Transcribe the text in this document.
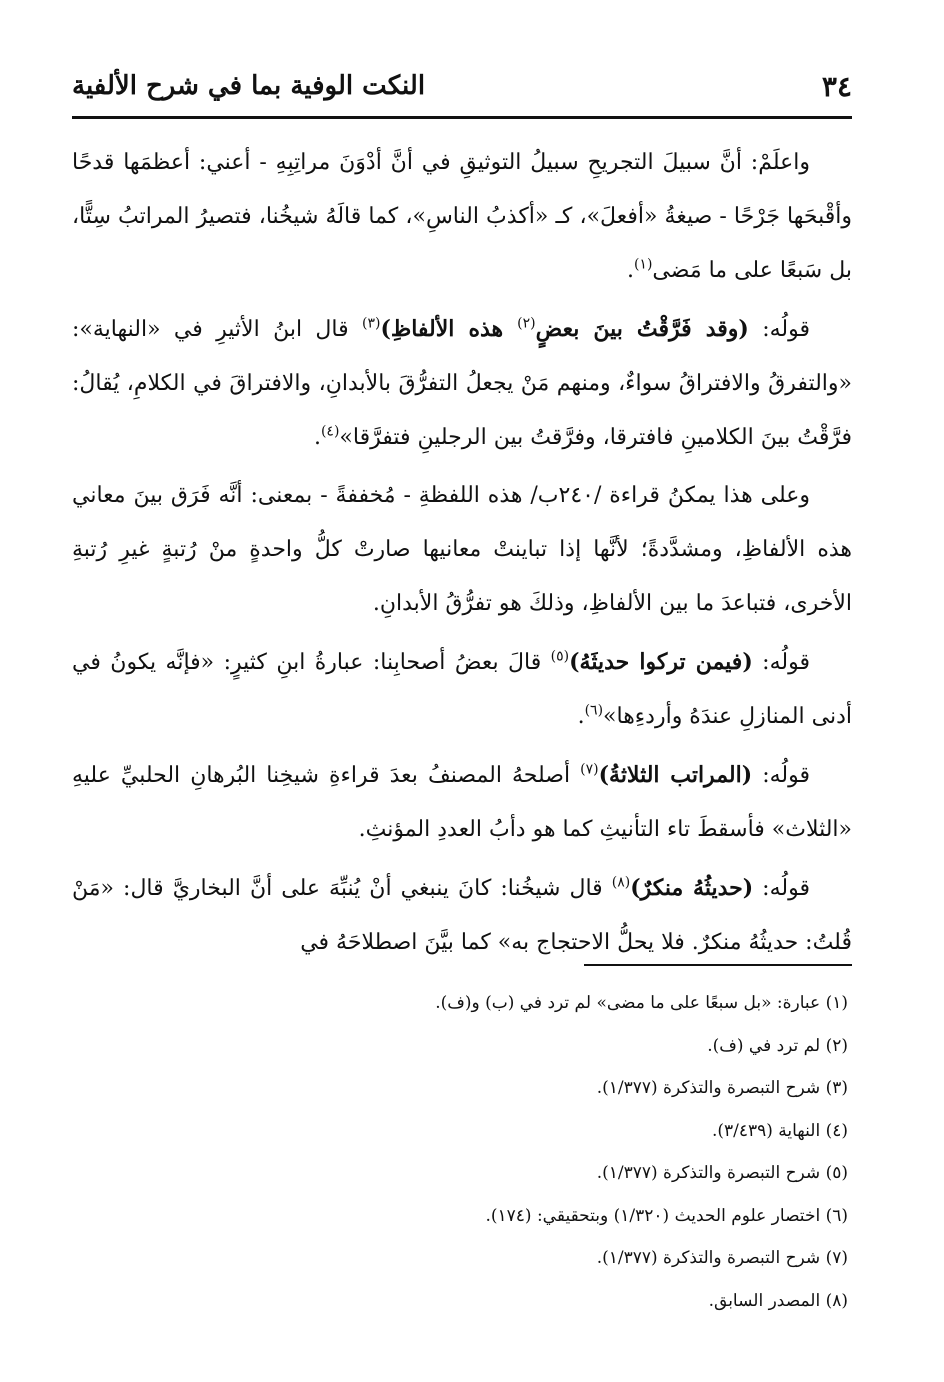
٣٤
النكت الوفية بما في شرح الألفية

واعلَمْ: أنَّ سبيلَ التجريحِ سبيلُ التوثيقِ في أنَّ أدْوَنَ مراتِبِهِ - أعني: أعظمَها قدحًا وأقْبحَها جَرْحًا - صيغةُ «أفعلَ»، كـ «أكذبُ الناسِ»، كما قالَهُ شيخُنا، فتصيرُ المراتبُ سِتًّا، بل سَبعًا على ما مَضى$^{(١)}$.

قولُه: (وقد فَرَّقْتُ بينَ بعضٍ$^{(٢)}$ هذه الألفاظِ)$^{(٣)}$ قال ابنُ الأثيرِ في «النهاية»: «والتفرقُ والافتراقُ سواءٌ، ومنهم مَنْ يجعلُ التفرُّقَ بالأبدانِ، والافتراقَ في الكلامِ، يُقالُ: فرَّقْتُ بينَ الكلامينِ فافترقا، وفرَّقتُ بين الرجلينِ فتفرَّقا»$^{(٤)}$.

وعلى هذا يمكنُ قراءة /٢٤٠ب/ هذه اللفظةِ - مُخففةً - بمعنى: أنَّه فَرَق بينَ معاني هذه الألفاظِ، ومشدَّدةً؛ لأنَّها إذا تباينتْ معانيها صارتْ كلُّ واحدةٍ منْ رُتبةٍ غيرِ رُتبةِ الأخرى، فتباعدَ ما بين الألفاظِ، وذلكَ هو تفرُّقُ الأبدانِ.

قولُه: (فيمن تركوا حديثَهُ)$^{(٥)}$ قالَ بعضُ أصحابِنا: عبارةُ ابنِ كثيرٍ: «فإنَّه يكونُ في أدنى المنازلِ عندَهُ وأردءِها»$^{(٦)}$.

قولُه: (المراتب الثلاثةُ)$^{(٧)}$ أصلحهُ المصنفُ بعدَ قراءةِ شيخِنا البُرهانِ الحلبيِّ عليهِ «الثلاث» فأسقطَ تاء التأنيثِ كما هو دأبُ العددِ المؤنثِ.

قولُه: (حديثُهُ منكرٌ)$^{(٨)}$ قال شيخُنا: كانَ ينبغي أنْ يُنبِّهَ على أنَّ البخاريَّ قال: «مَنْ قُلتُ: حديثُهُ منكرٌ. فلا يحلُّ الاحتجاج به» كما بيَّنَ اصطلاحَهُ في

(١) عبارة: «بل سبعًا على ما مضى» لم ترد في (ب) و(ف).
(٢) لم ترد في (ف).
(٣) شرح التبصرة والتذكرة (١/٣٧٧).
(٤) النهاية (٣/٤٣٩).
(٥) شرح التبصرة والتذكرة (١/٣٧٧).
(٦) اختصار علوم الحديث (١/٣٢٠) وبتحقيقي: (١٧٤).
(٧) شرح التبصرة والتذكرة (١/٣٧٧).
(٨) المصدر السابق.
